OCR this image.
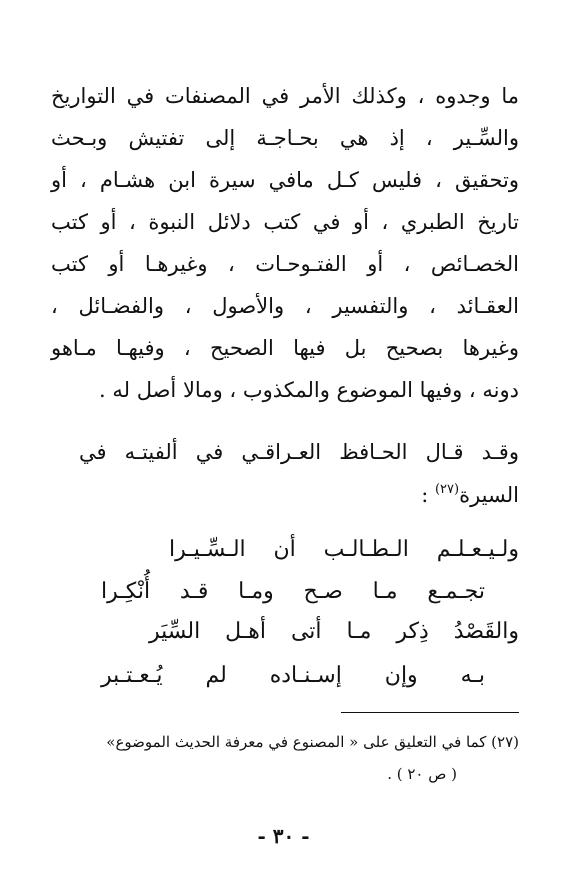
ما وجدوه ، وكذلك الأمر في المصنفات في التواريخ
والسِّـير ، إذ هي بحـاجـة إلى تفتيش وبـحث
وتحقيق ، فليس كـل مافي سيرة ابن هشـام ، أو
تاريخ الطبري ، أو في كتب دلائل النبوة ، أو كتب
الخصـائص ، أو الفتـوحـات ، وغيرهـا أو كتب
العقـائد ، والتفسير ، والأصول ، والفضـائل ،
وغيرها بصحيح بل فيها الصحيح ، وفيهـا مـاهو
دونه ، وفيها الموضوع والمكذوب ، ومالا أصل له .
وقـد قـال الحـافظ العـراقـي في ألفيتـه في
السيرة$^{(٢٧)}$ :
ولـيـعـلـم الـطـالـب أن الـسِّـيـرا
تجـمـع مـا صـح ومـا قـد أُنْكِـرا
والقَصْدُ ذِكر مـا أتى أهـل السِّيَر
بـه وإن إسـنـاده لم يُـعـتـبر
(٢٧) كما في التعليق على « المصنوع في معرفة الحديث الموضوع»
( ص ٢٠ ) .
- ٣٠ -
